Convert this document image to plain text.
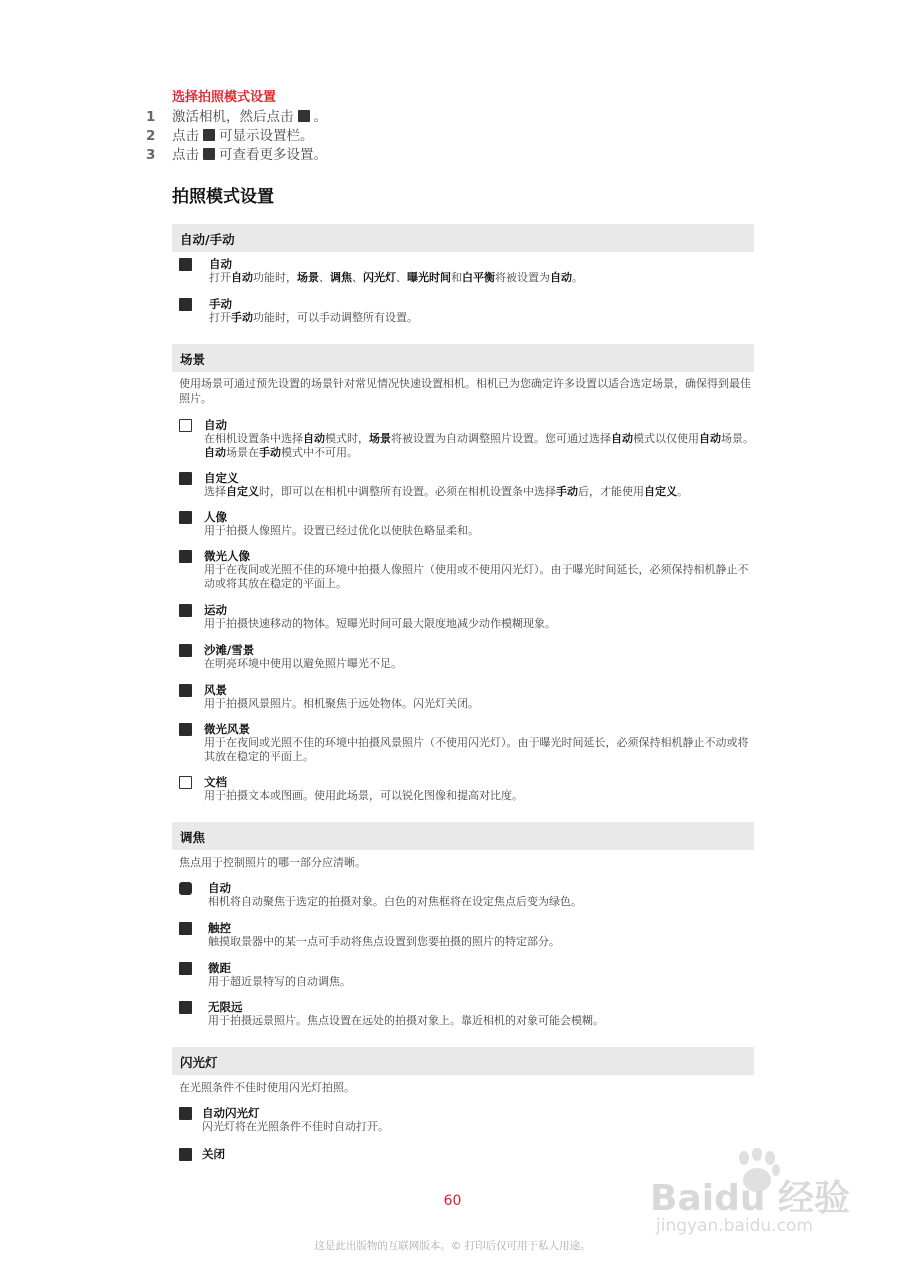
选择拍照模式设置
1	激活相机，然后点击 。
2	点击 可显示设置栏。
3	点击 可查看更多设置。
拍照模式设置
自动/手动
自动
打开自动功能时，场景、调焦、闪光灯、曝光时间和白平衡将被设置为自动。
手动
打开手动功能时，可以手动调整所有设置。
场景
使用场景可通过预先设置的场景针对常见情况快速设置相机。相机已为您确定许多设置以适合选定场景，确保得到最佳照片。
自动
在相机设置条中选择自动模式时，场景将被设置为自动调整照片设置。您可通过选择自动模式以仅使用自动场景。自动场景在手动模式中不可用。
自定义
选择自定义时，即可以在相机中调整所有设置。必须在相机设置条中选择手动后，才能使用自定义。
人像
用于拍摄人像照片。设置已经过优化以使肤色略显柔和。
微光人像
用于在夜间或光照不佳的环境中拍摄人像照片（使用或不使用闪光灯）。由于曝光时间延长，必须保持相机静止不动或将其放在稳定的平面上。
运动
用于拍摄快速移动的物体。短曝光时间可最大限度地减少动作模糊现象。
沙滩/雪景
在明亮环境中使用以避免照片曝光不足。
风景
用于拍摄风景照片。相机聚焦于远处物体。闪光灯关闭。
微光风景
用于在夜间或光照不佳的环境中拍摄风景照片（不使用闪光灯）。由于曝光时间延长，必须保持相机静止不动或将其放在稳定的平面上。
文档
用于拍摄文本或图画。使用此场景，可以锐化图像和提高对比度。
调焦
焦点用于控制照片的哪一部分应清晰。
自动
相机将自动聚焦于选定的拍摄对象。白色的对焦框将在设定焦点后变为绿色。
触控
触摸取景器中的某一点可手动将焦点设置到您要拍摄的照片的特定部分。
微距
用于超近景特写的自动调焦。
无限远
用于拍摄远景照片。焦点设置在远处的拍摄对象上。靠近相机的对象可能会模糊。
闪光灯
在光照条件不佳时使用闪光灯拍照。
自动闪光灯
闪光灯将在光照条件不佳时自动打开。
关闭
60
这是此出版物的互联网版本。© 打印后仅可用于私人用途。
Baidu 经验
jingyan.baidu.com
